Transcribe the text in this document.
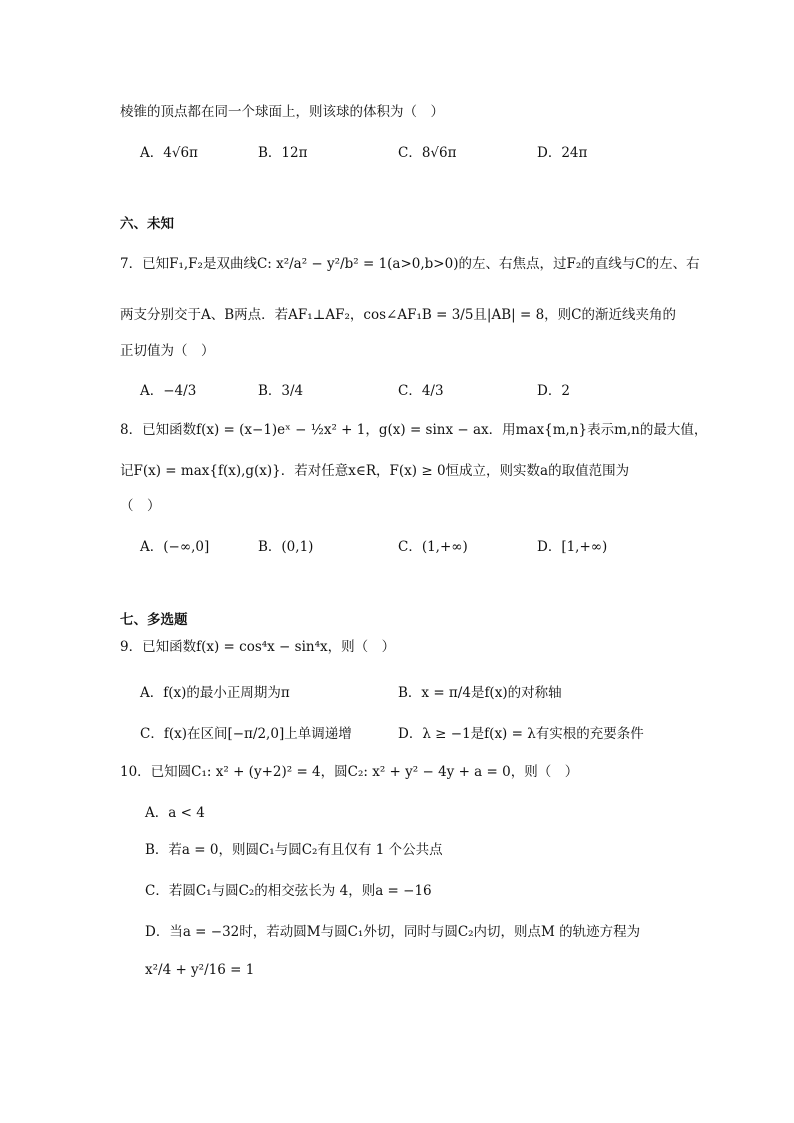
棱锥的顶点都在同一个球面上，则该球的体积为（　）
A．4√6π	B．12π	C．8√6π	D．24π
六、未知
7．已知F₁,F₂是双曲线C: x²/a² − y²/b² = 1(a>0,b>0)的左、右焦点，过F₂的直线与C的左、右
两支分别交于A、B两点．若AF₁⊥AF₂，cos∠AF₁B = 3/5且|AB| = 8，则C的渐近线夹角的
正切值为（　）
A．−4/3	B．3/4	C．4/3	D．2
8．已知函数f(x) = (x−1)eˣ − ½x² + 1，g(x) = sinx − ax．用max{m,n}表示m,n的最大值，
记F(x) = max{f(x),g(x)}．若对任意x∈R，F(x) ≥ 0恒成立，则实数a的取值范围为
（　）
A．(−∞,0]	B．(0,1)	C．(1,+∞)	D．[1,+∞)
七、多选题
9．已知函数f(x) = cos⁴x − sin⁴x，则（　）
A．f(x)的最小正周期为π	B．x = π/4是f(x)的对称轴
C．f(x)在区间[−π/2,0]上单调递增	D．λ ≥ −1是f(x) = λ有实根的充要条件
10．已知圆C₁: x² + (y+2)² = 4，圆C₂: x² + y² − 4y + a = 0，则（　）
A．a < 4
B．若a = 0，则圆C₁与圆C₂有且仅有 1 个公共点
C．若圆C₁与圆C₂的相交弦长为 4，则a = −16
D．当a = −32时，若动圆M与圆C₁外切，同时与圆C₂内切，则点M 的轨迹方程为
x²/4 + y²/16 = 1
